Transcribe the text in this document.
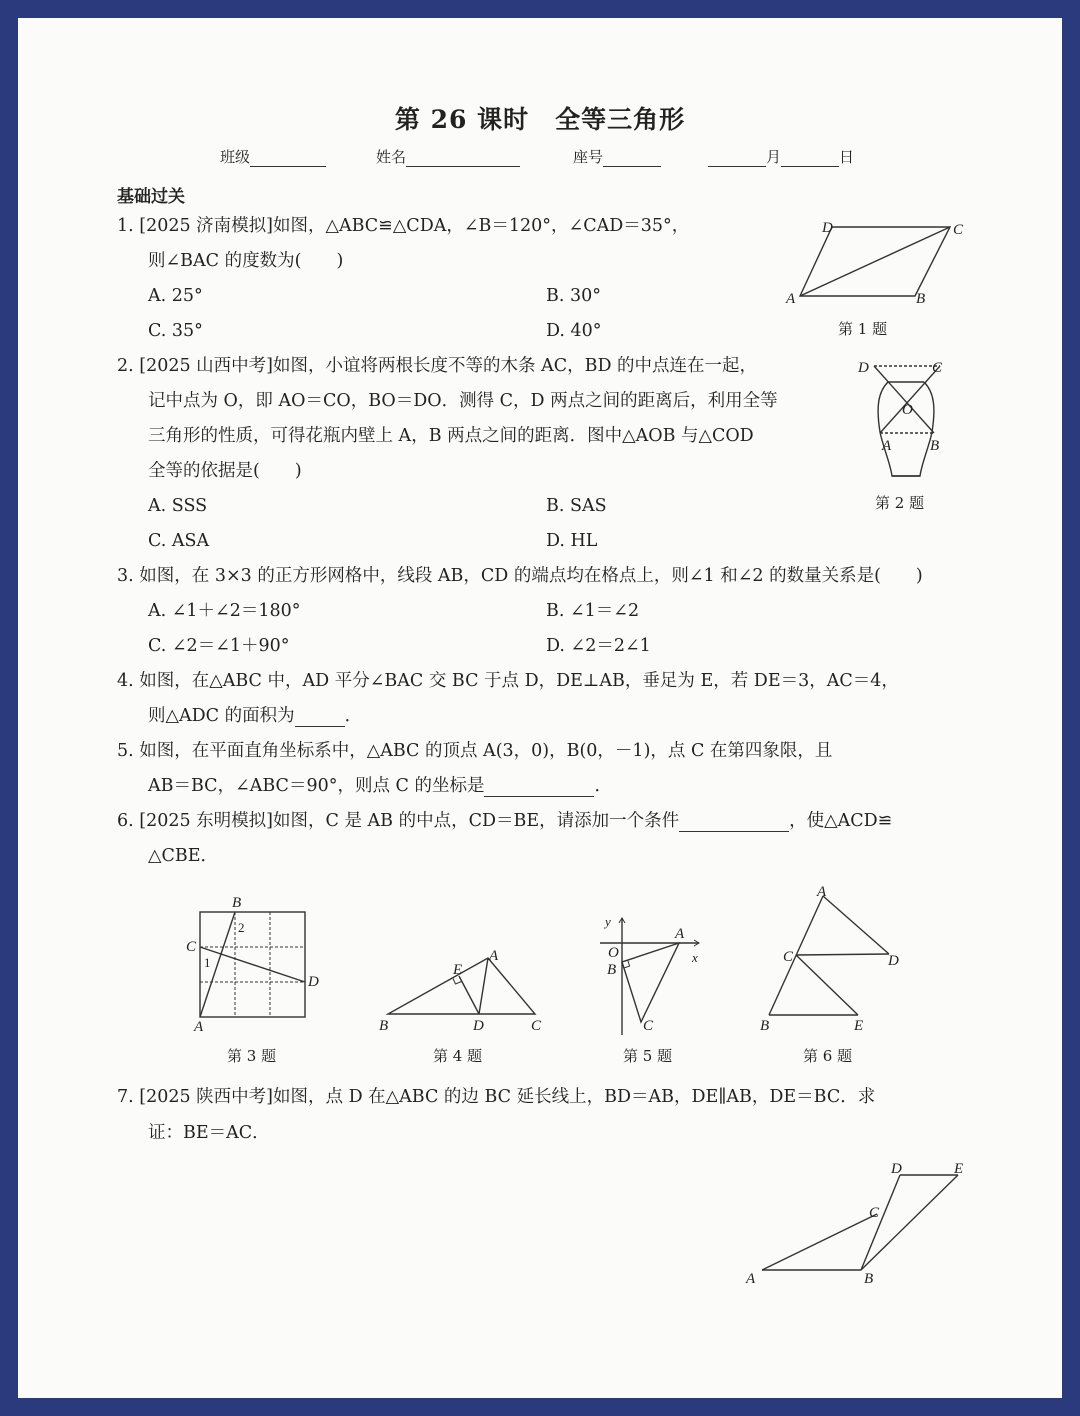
第 26 课时　全等三角形
班级	姓名	座号	月	日
基础过关
1. [2025 济南模拟]如图，△ABC≌△CDA，∠B＝120°，∠CAD＝35°，
则∠BAC 的度数为(　　)
A. 25°	B. 30°
C. 35°	D. 40°
D	C
A	B
第 1 题
2. [2025 山西中考]如图，小谊将两根长度不等的木条 AC，BD 的中点连在一起，
记中点为 O，即 AO＝CO，BO＝DO．测得 C，D 两点之间的距离后，利用全等
三角形的性质，可得花瓶内壁上 A，B 两点之间的距离．图中△AOB 与△COD
全等的依据是(　　)
A. SSS	B. SAS
C. ASA	D. HL
D	C
O
A	B
第 2 题
3. 如图，在 3×3 的正方形网格中，线段 AB，CD 的端点均在格点上，则∠1 和∠2 的数量关系是(　　)
A. ∠1＋∠2＝180°	B. ∠1＝∠2
C. ∠2＝∠1＋90°	D. ∠2＝2∠1
4. 如图，在△ABC 中，AD 平分∠BAC 交 BC 于点 D，DE⊥AB，垂足为 E，若 DE＝3，AC＝4，
则△ADC 的面积为	．
5. 如图，在平面直角坐标系中，△ABC 的顶点 A(3，0)，B(0，－1)，点 C 在第四象限，且
AB＝BC，∠ABC＝90°，则点 C 的坐标是	．
6. [2025 东明模拟]如图，C 是 AB 的中点，CD＝BE，请添加一个条件	，使△ACD≌
△CBE．
B
C
D
A
1
2
第 3 题
A
B	C
D
E
第 4 题
y
x
O
A
B
C
第 5 题
A
C	D
B	E
第 6 题
7. [2025 陕西中考]如图，点 D 在△ABC 的边 BC 延长线上，BD＝AB，DE∥AB，DE＝BC．求
证：BE＝AC．
A	B
C
D	E
